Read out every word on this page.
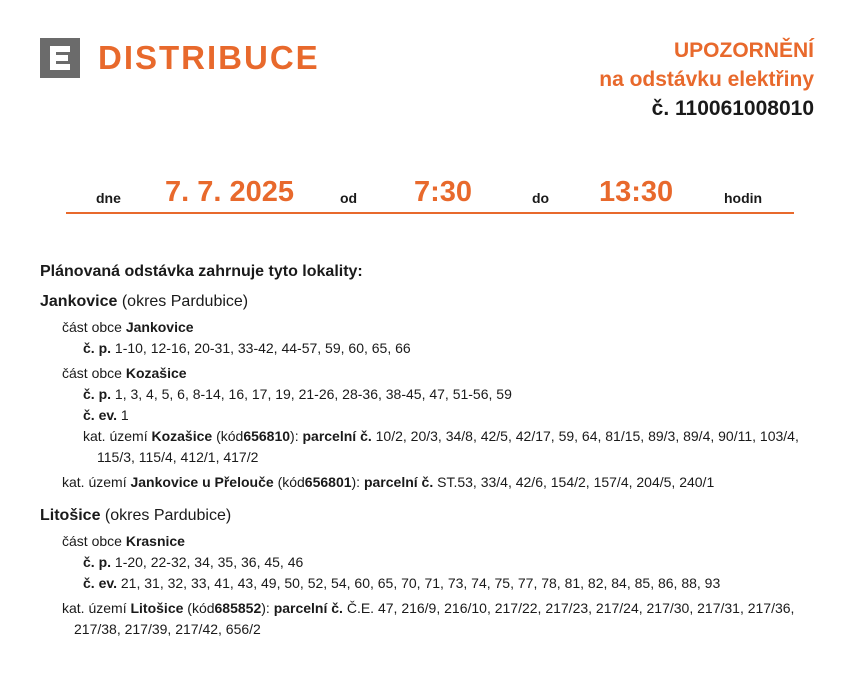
DISTRIBUCE	UPOZORNĚNÍ
na odstávku elektřiny
č. 110061008010
dne 7. 7. 2025	od 7:30	do 13:30	hodin
Plánovaná odstávka zahrnuje tyto lokality:
Jankovice (okres Pardubice)
část obce Jankovice
č. p. 1-10, 12-16, 20-31, 33-42, 44-57, 59, 60, 65, 66
část obce Kozašice
č. p. 1, 3, 4, 5, 6, 8-14, 16, 17, 19, 21-26, 28-36, 38-45, 47, 51-56, 59
č. ev. 1
kat. území Kozašice (kód656810): parcelní č. 10/2, 20/3, 34/8, 42/5, 42/17, 59, 64, 81/15, 89/3, 89/4, 90/11, 103/4, 115/3, 115/4, 412/1, 417/2
kat. území Jankovice u Přelouče (kód656801): parcelní č. ST.53, 33/4, 42/6, 154/2, 157/4, 204/5, 240/1
Litošice (okres Pardubice)
část obce Krasnice
č. p. 1-20, 22-32, 34, 35, 36, 45, 46
č. ev. 21, 31, 32, 33, 41, 43, 49, 50, 52, 54, 60, 65, 70, 71, 73, 74, 75, 77, 78, 81, 82, 84, 85, 86, 88, 93
kat. území Litošice (kód685852): parcelní č. Č.E. 47, 216/9, 216/10, 217/22, 217/23, 217/24, 217/30, 217/31, 217/36, 217/38, 217/39, 217/42, 656/2
